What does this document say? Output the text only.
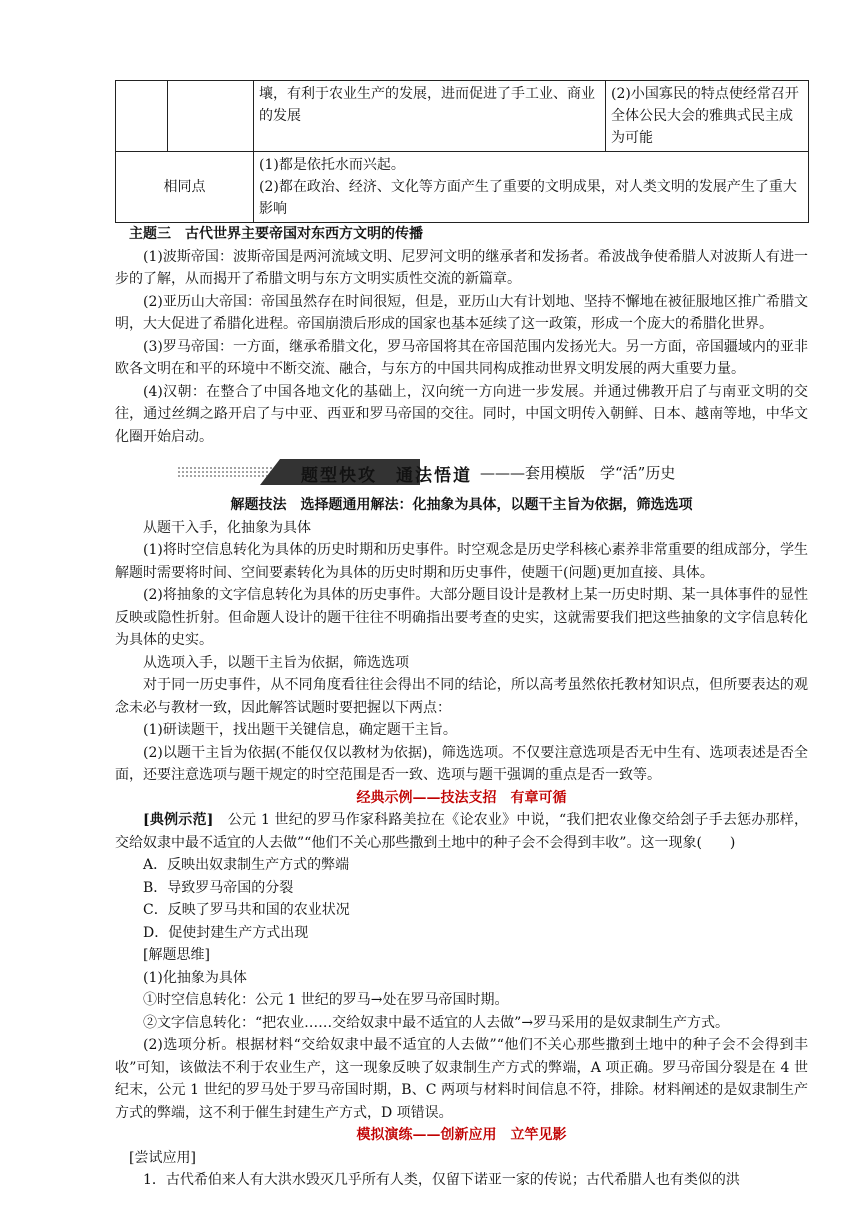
		壤，有利于农业生产的发展，进而促进了手工业、商业的发展	(2)小国寡民的特点使经常召开全体公民大会的雅典式民主成为可能
相同点		(1)都是依托水而兴起。
(2)都在政治、经济、文化等方面产生了重要的文明成果，对人类文明的发展产生了重大影响	

主题三　古代世界主要帝国对东西方文明的传播

(1)波斯帝国：波斯帝国是两河流域文明、尼罗河文明的继承者和发扬者。希波战争使希腊人对波斯人有进一步的了解，从而揭开了希腊文明与东方文明实质性交流的新篇章。

(2)亚历山大帝国：帝国虽然存在时间很短，但是，亚历山大有计划地、坚持不懈地在被征服地区推广希腊文明，大大促进了希腊化进程。帝国崩溃后形成的国家也基本延续了这一政策，形成一个庞大的希腊化世界。

(3)罗马帝国：一方面，继承希腊文化，罗马帝国将其在帝国范围内发扬光大。另一方面，帝国疆域内的亚非欧各文明在和平的环境中不断交流、融合，与东方的中国共同构成推动世界文明发展的两大重要力量。

(4)汉朝：在整合了中国各地文化的基础上，汉向统一方向进一步发展。并通过佛教开启了与南亚文明的交往，通过丝绸之路开启了与中亚、西亚和罗马帝国的交往。同时，中国文明传入朝鲜、日本、越南等地，中华文化圈开始启动。

题型快攻　通法悟道 ———套用模版　学“活”历史

解题技法　选择题通用解法：化抽象为具体，以题干主旨为依据，筛选选项

从题干入手，化抽象为具体

(1)将时空信息转化为具体的历史时期和历史事件。时空观念是历史学科核心素养非常重要的组成部分，学生解题时需要将时间、空间要素转化为具体的历史时期和历史事件，使题干(问题)更加直接、具体。

(2)将抽象的文字信息转化为具体的历史事件。大部分题目设计是教材上某一历史时期、某一具体事件的显性反映或隐性折射。但命题人设计的题干往往不明确指出要考查的史实，这就需要我们把这些抽象的文字信息转化为具体的史实。

从选项入手，以题干主旨为依据，筛选选项

对于同一历史事件，从不同角度看往往会得出不同的结论，所以高考虽然依托教材知识点，但所要表达的观念未必与教材一致，因此解答试题时要把握以下两点：

(1)研读题干，找出题干关键信息，确定题干主旨。

(2)以题干主旨为依据(不能仅仅以教材为依据)，筛选选项。不仅要注意选项是否无中生有、选项表述是否全面，还要注意选项与题干规定的时空范围是否一致、选项与题干强调的重点是否一致等。

经典示例——技法支招　有章可循

[典例示范]　 公元 1 世纪的罗马作家科路美拉在《论农业》中说，“我们把农业像交给刽子手去惩办那样，交给奴隶中最不适宜的人去做”“他们不关心那些撒到土地中的种子会不会得到丰收”。这一现象(　　)

A．反映出奴隶制生产方式的弊端

B．导致罗马帝国的分裂

C．反映了罗马共和国的农业状况

D．促使封建生产方式出现

[解题思维]

(1)化抽象为具体

①时空信息转化：公元 1 世纪的罗马→处在罗马帝国时期。

②文字信息转化：“把农业……交给奴隶中最不适宜的人去做”→罗马采用的是奴隶制生产方式。

(2)选项分析。根据材料“交给奴隶中最不适宜的人去做”“他们不关心那些撒到土地中的种子会不会得到丰收”可知，该做法不利于农业生产，这一现象反映了奴隶制生产方式的弊端，A 项正确。罗马帝国分裂是在 4 世纪末，公元 1 世纪的罗马处于罗马帝国时期，B、C 两项与材料时间信息不符，排除。材料阐述的是奴隶制生产方式的弊端，这不利于催生封建生产方式，D 项错误。

模拟演练——创新应用　立竿见影

[尝试应用]

1．古代希伯来人有大洪水毁灭几乎所有人类，仅留下诺亚一家的传说；古代希腊人也有类似的洪
